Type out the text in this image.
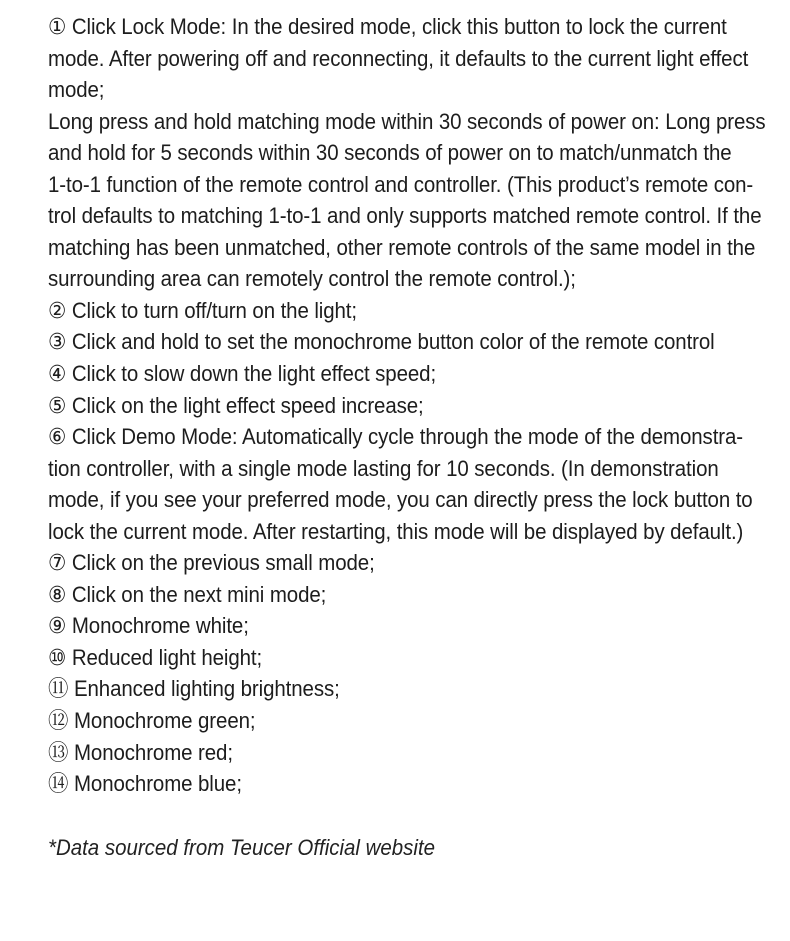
① Click Lock Mode: In the desired mode, click this button to lock the current
mode. After powering off and reconnecting, it defaults to the current light effect
mode;
Long press and hold matching mode within 30 seconds of power on: Long press
and hold for 5 seconds within 30 seconds of power on to match/unmatch the
1-to-1 function of the remote control and controller. (This product’s remote con-
trol defaults to matching 1-to-1 and only supports matched remote control. If the
matching has been unmatched, other remote controls of the same model in the
surrounding area can remotely control the remote control.);
② Click to turn off/turn on the light;
③ Click and hold to set the monochrome button color of the remote control
④ Click to slow down the light effect speed;
⑤ Click on the light effect speed increase;
⑥ Click Demo Mode: Automatically cycle through the mode of the demonstra-
tion controller, with a single mode lasting for 10 seconds. (In demonstration
mode, if you see your preferred mode, you can directly press the lock button to
lock the current mode. After restarting, this mode will be displayed by default.)
⑦ Click on the previous small mode;
⑧ Click on the next mini mode;
⑨ Monochrome white;
⑩ Reduced light height;
⑪ Enhanced lighting brightness;
⑫ Monochrome green;
⑬ Monochrome red;
⑭ Monochrome blue;
*Data sourced from Teucer Official website
